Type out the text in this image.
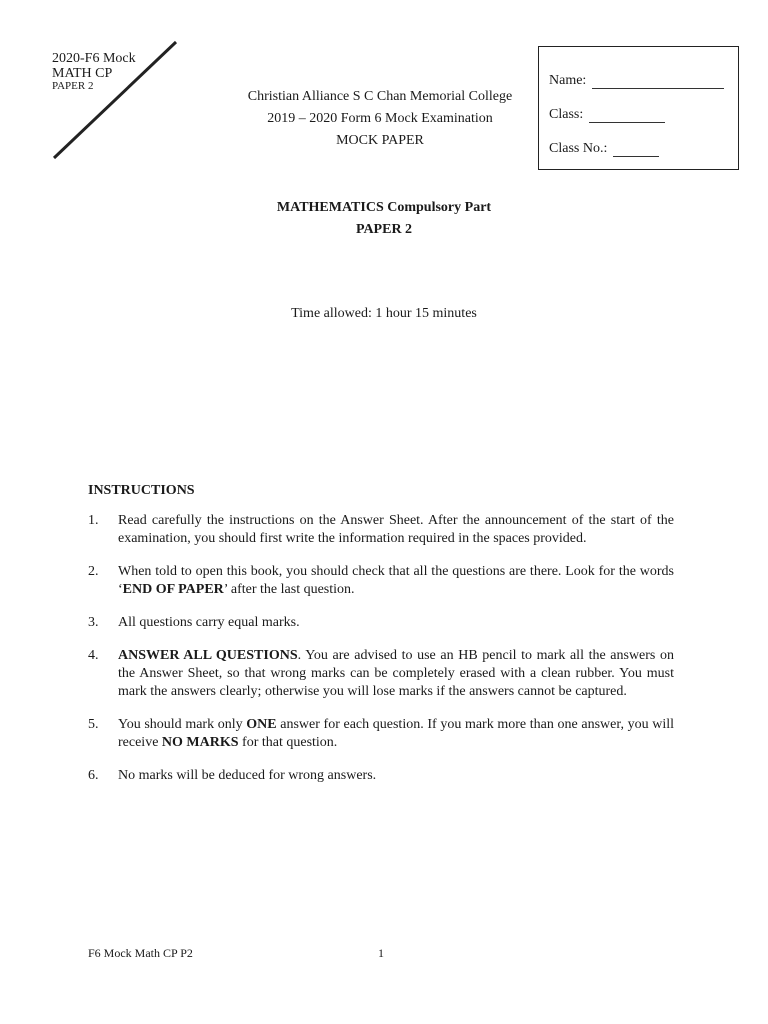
2020-F6 Mock
MATH CP
PAPER 2
Christian Alliance S C Chan Memorial College
2019 – 2020 Form 6 Mock Examination
MOCK PAPER
Name:
Class:
Class No.:
MATHEMATICS Compulsory Part
PAPER 2
Time allowed: 1 hour 15 minutes
INSTRUCTIONS
1.	Read carefully the instructions on the Answer Sheet. After the announcement of the start of the examination, you should first write the information required in the spaces provided.
2.	When told to open this book, you should check that all the questions are there. Look for the words ‘END OF PAPER’ after the last question.
3.	All questions carry equal marks.
4.	ANSWER ALL QUESTIONS. You are advised to use an HB pencil to mark all the answers on the Answer Sheet, so that wrong marks can be completely erased with a clean rubber. You must mark the answers clearly; otherwise you will lose marks if the answers cannot be captured.
5.	You should mark only ONE answer for each question. If you mark more than one answer, you will receive NO MARKS for that question.
6.	No marks will be deduced for wrong answers.
F6 Mock Math CP P2	1
